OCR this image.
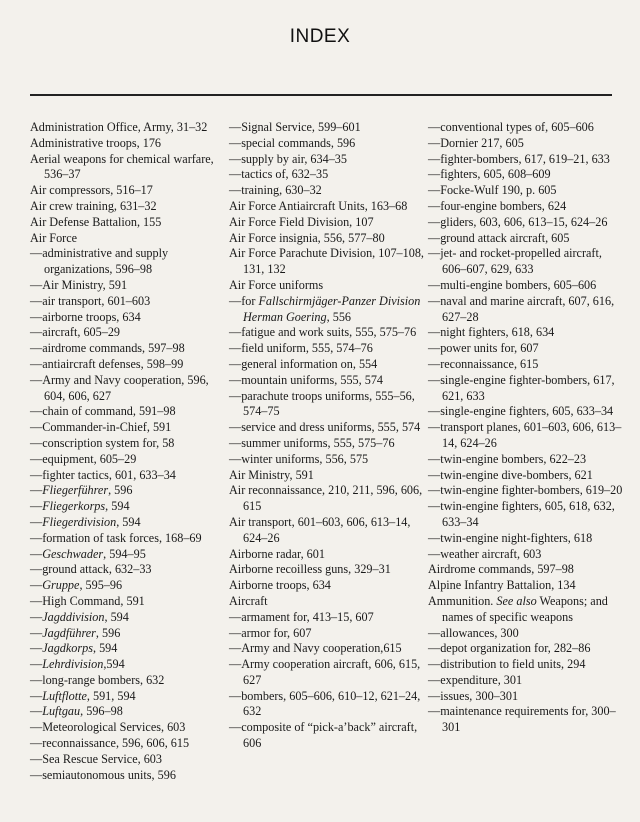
INDEX
Administration Office, Army, 31–32
Administrative troops, 176
Aerial weapons for chemical warfare, 536–37
Air compressors, 516–17
Air crew training, 631–32
Air Defense Battalion, 155
Air Force
—administrative and supply organizations, 596–98
—Air Ministry, 591
—air transport, 601–603
—airborne troops, 634
—aircraft, 605–29
—airdrome commands, 597–98
—antiaircraft defenses, 598–99
—Army and Navy cooperation, 596, 604, 606, 627
—chain of command, 591–98
—Commander-in-Chief, 591
—conscription system for, 58
—equipment, 605–29
—fighter tactics, 601, 633–34
—Fliegerführer, 596
—Fliegerkorps, 594
—Fliegerdivision, 594
—formation of task forces, 168–69
—Geschwader, 594–95
—ground attack, 632–33
—Gruppe, 595–96
—High Command, 591
—Jagddivision, 594
—Jagdführer, 596
—Jagdkorps, 594
—Lehrdivision,594
—long-range bombers, 632
—Luftflotte, 591, 594
—Luftgau, 596–98
—Meteorological Services, 603
—reconnaissance, 596, 606, 615
—Sea Rescue Service, 603
—semiautonomous units, 596
—Signal Service, 599–601
—special commands, 596
—supply by air, 634–35
—tactics of, 632–35
—training, 630–32
Air Force Antiaircraft Units, 163–68
Air Force Field Division, 107
Air Force insignia, 556, 577–80
Air Force Parachute Division, 107–108, 131, 132
Air Force uniforms
—for Fallschirmjäger-Panzer Division Herman Goering, 556
—fatigue and work suits, 555, 575–76
—field uniform, 555, 574–76
—general information on, 554
—mountain uniforms, 555, 574
—parachute troops uniforms, 555–56, 574–75
—service and dress uniforms, 555, 574
—summer uniforms, 555, 575–76
—winter uniforms, 556, 575
Air Ministry, 591
Air reconnaissance, 210, 211, 596, 606, 615
Air transport, 601–603, 606, 613–14, 624–26
Airborne radar, 601
Airborne recoilless guns, 329–31
Airborne troops, 634
Aircraft
—armament for, 413–15, 607
—armor for, 607
—Army and Navy cooperation,615
—Army cooperation aircraft, 606, 615, 627
—bombers, 605–606, 610–12, 621–24, 632
—composite of “pick-a’back” aircraft, 606
—conventional types of, 605–606
—Dornier 217, 605
—fighter-bombers, 617, 619–21, 633
—fighters, 605, 608–609
—Focke-Wulf 190, p. 605
—four-engine bombers, 624
—gliders, 603, 606, 613–15, 624–26
—ground attack aircraft, 605
—jet- and rocket-propelled aircraft, 606–607, 629, 633
—multi-engine bombers, 605–606
—naval and marine aircraft, 607, 616, 627–28
—night fighters, 618, 634
—power units for, 607
—reconnaissance, 615
—single-engine fighter-bombers, 617, 621, 633
—single-engine fighters, 605, 633–34
—transport planes, 601–603, 606, 613–14, 624–26
—twin-engine bombers, 622–23
—twin-engine dive-bombers, 621
—twin-engine fighter-bombers, 619–20
—twin-engine fighters, 605, 618, 632, 633–34
—twin-engine night-fighters, 618
—weather aircraft, 603
Airdrome commands, 597–98
Alpine Infantry Battalion, 134
Ammunition. See also Weapons; and names of specific weapons
—allowances, 300
—depot organization for, 282–86
—distribution to field units, 294
—expenditure, 301
—issues, 300–301
—maintenance requirements for, 300–301
